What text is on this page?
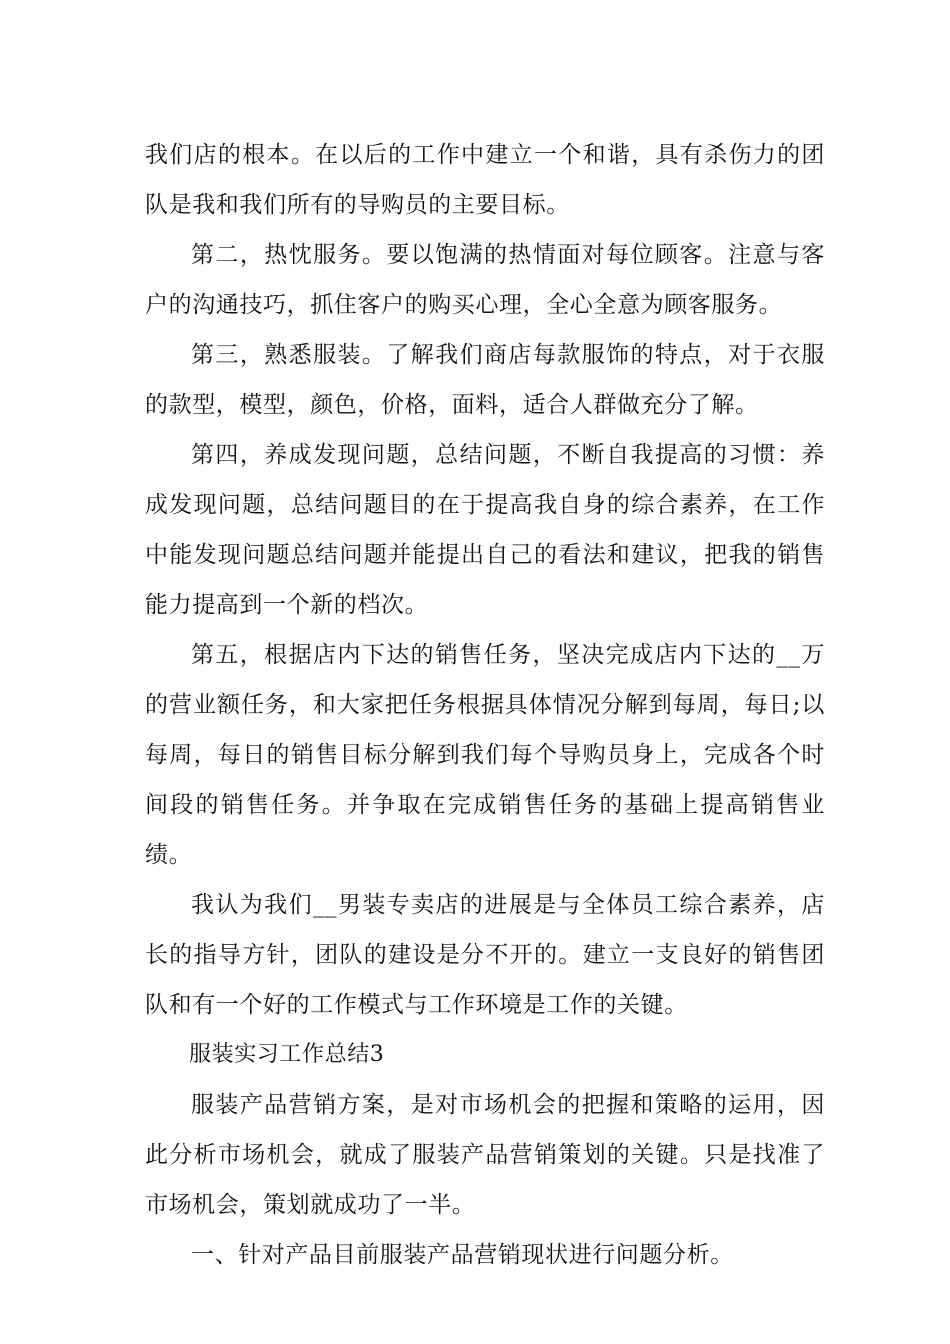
我们店的根本。在以后的工作中建立一个和谐，具有杀伤力的团队是我和我们所有的导购员的主要目标。

第二，热忱服务。要以饱满的热情面对每位顾客。注意与客户的沟通技巧，抓住客户的购买心理，全心全意为顾客服务。

第三，熟悉服装。了解我们商店每款服饰的特点，对于衣服的款型，模型，颜色，价格，面料，适合人群做充分了解。

第四，养成发现问题，总结问题，不断自我提高的习惯：养成发现问题，总结问题目的在于提高我自身的综合素养，在工作中能发现问题总结问题并能提出自己的看法和建议，把我的销售能力提高到一个新的档次。

第五，根据店内下达的销售任务，坚决完成店内下达的__万的营业额任务，和大家把任务根据具体情况分解到每周，每日;以每周，每日的销售目标分解到我们每个导购员身上，完成各个时间段的销售任务。并争取在完成销售任务的基础上提高销售业绩。

我认为我们__男装专卖店的进展是与全体员工综合素养，店长的指导方针，团队的建设是分不开的。建立一支良好的销售团队和有一个好的工作模式与工作环境是工作的关键。

服装实习工作总结3

服装产品营销方案，是对市场机会的把握和策略的运用，因此分析市场机会，就成了服装产品营销策划的关键。只是找准了市场机会，策划就成功了一半。

一、针对产品目前服装产品营销现状进行问题分析。
